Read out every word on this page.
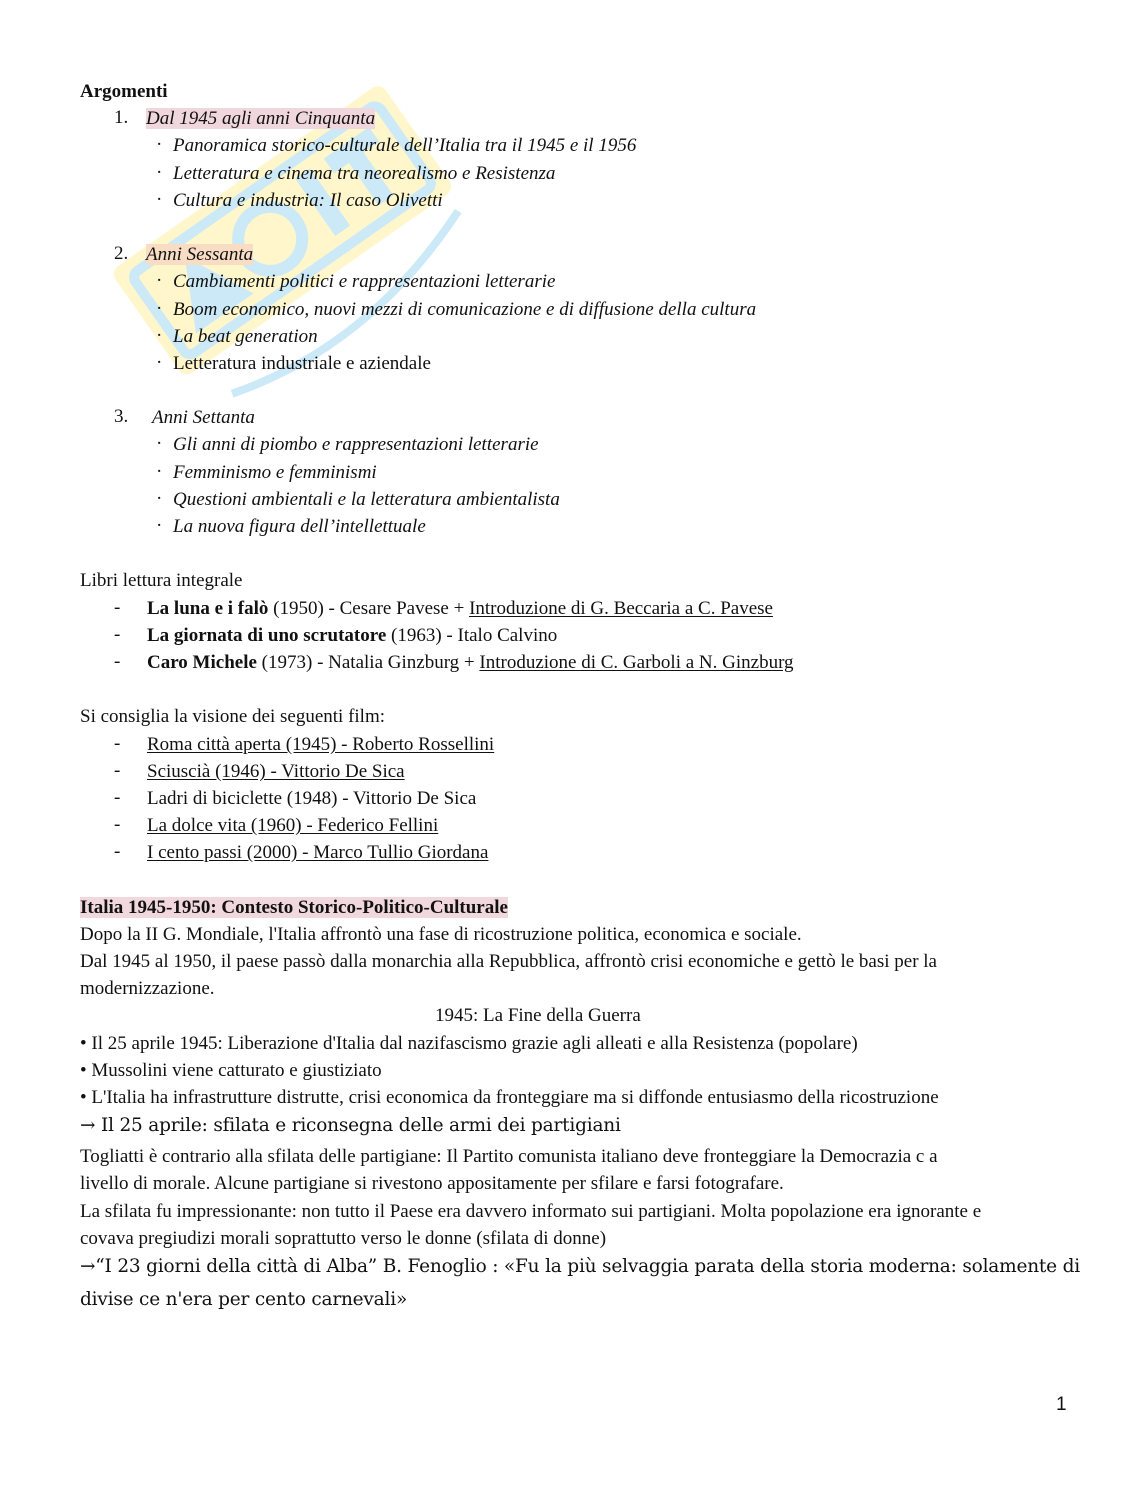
Argomenti
1. Dal 1945 agli anni Cinquanta
· Panoramica storico-culturale dell’Italia tra il 1945 e il 1956
· Letteratura e cinema tra neorealismo e Resistenza
· Cultura e industria: Il caso Olivetti
2. Anni Sessanta
· Cambiamenti politici e rappresentazioni letterarie
· Boom economico, nuovi mezzi di comunicazione e di diffusione della cultura
· La beat generation
· Letteratura industriale e aziendale
3. Anni Settanta
· Gli anni di piombo e rappresentazioni letterarie
· Femminismo e femminismi
· Questioni ambientali e la letteratura ambientalista
· La nuova figura dell’intellettuale
Libri lettura integrale
- La luna e i falò (1950) - Cesare Pavese + Introduzione di G. Beccaria a C. Pavese
- La giornata di uno scrutatore (1963) - Italo Calvino
- Caro Michele (1973) - Natalia Ginzburg + Introduzione di C. Garboli a N. Ginzburg
Si consiglia la visione dei seguenti film:
- Roma città aperta (1945) - Roberto Rossellini
- Sciuscià (1946) - Vittorio De Sica
- Ladri di biciclette (1948) - Vittorio De Sica
- La dolce vita (1960) - Federico Fellini
- I cento passi (2000) - Marco Tullio Giordana
Italia 1945-1950: Contesto Storico-Politico-Culturale
Dopo la II G. Mondiale, l'Italia affrontò una fase di ricostruzione politica, economica e sociale.
Dal 1945 al 1950, il paese passò dalla monarchia alla Repubblica, affrontò crisi economiche e gettò le basi per la
modernizzazione.
1945: La Fine della Guerra
• Il 25 aprile 1945: Liberazione d'Italia dal nazifascismo grazie agli alleati e alla Resistenza (popolare)
• Mussolini viene catturato e giustiziato
• L'Italia ha infrastrutture distrutte, crisi economica da fronteggiare ma si diffonde entusiasmo della ricostruzione
→ Il 25 aprile: sfilata e riconsegna delle armi dei partigiani
Togliatti è contrario alla sfilata delle partigiane: Il Partito comunista italiano deve fronteggiare la Democrazia c a
livello di morale. Alcune partigiane si rivestono appositamente per sfilare e farsi fotografare.
La sfilata fu impressionante: non tutto il Paese era davvero informato sui partigiani. Molta popolazione era ignorante e
covava pregiudizi morali soprattutto verso le donne (sfilata di donne)
→“I 23 giorni della città di Alba” B. Fenoglio : «Fu la più selvaggia parata della storia moderna: solamente di
divise ce n'era per cento carnevali»
1
